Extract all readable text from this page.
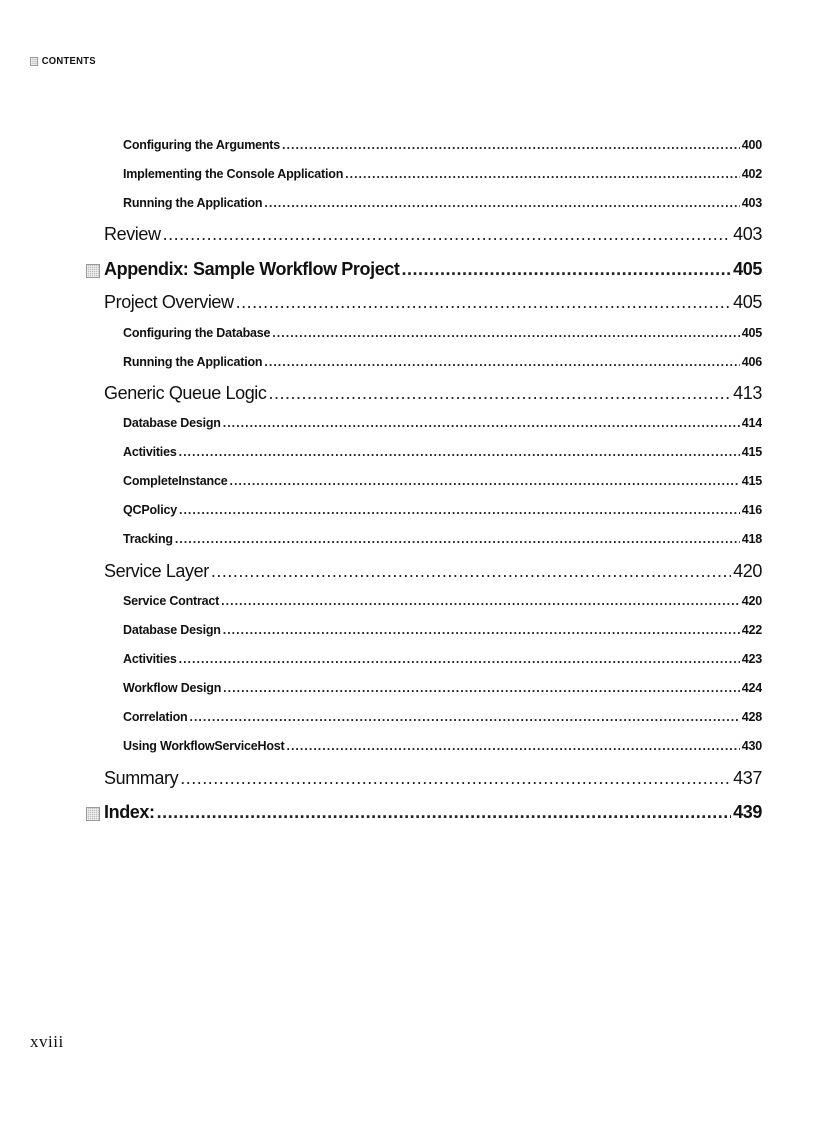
CONTENTS
Configuring the Arguments .....	400
Implementing the Console Application .....	402
Running the Application .....	403
Review .....	403
Appendix: Sample Workflow Project .....	405
Project Overview .....	405
Configuring the Database .....	405
Running the Application .....	406
Generic Queue Logic .....	413
Database Design .....	414
Activities .....	415
CompleteInstance .....	415
QCPolicy .....	416
Tracking .....	418
Service Layer .....	420
Service Contract .....	420
Database Design .....	422
Activities .....	423
Workflow Design .....	424
Correlation .....	428
Using WorkflowServiceHost .....	430
Summary .....	437
Index: .....	439
xviii
